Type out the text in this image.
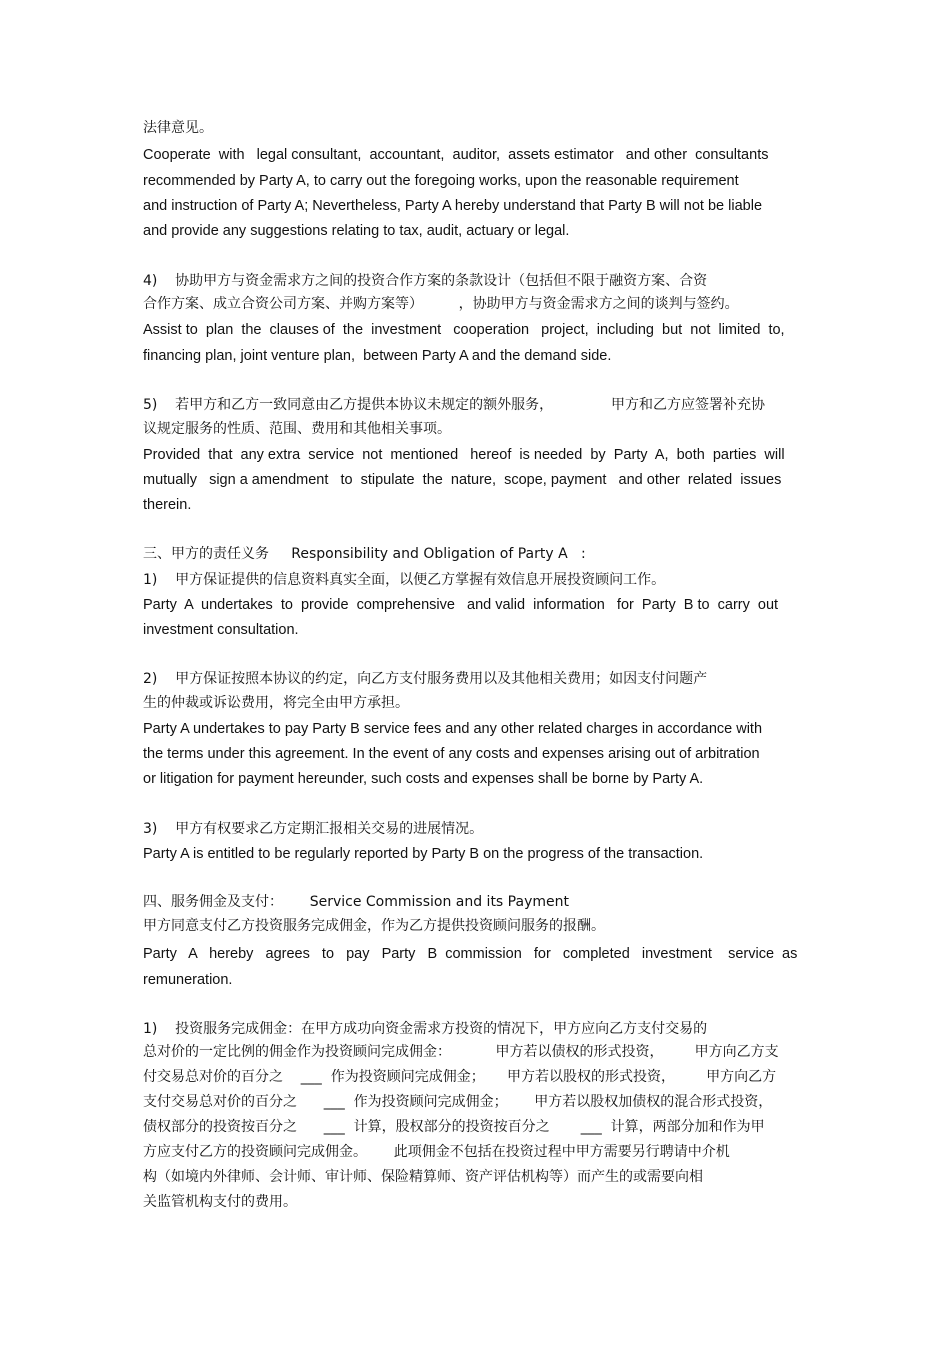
法律意见。

Cooperate  with   legal consultant,  accountant,  auditor,  assets estimator   and other  consultants

recommended by Party A, to carry out the foregoing works, upon the reasonable requirement

and instruction of Party A; Nevertheless, Party A hereby understand that Party B will not be liable

and provide any suggestions relating to tax, audit, actuary or legal.

4)    协助甲方与资金需求方之间的投资合作方案的条款设计（包括但不限于融资方案、合资

合作方案、成立合资公司方案、并购方案等）        ，协助甲方与资金需求方之间的谈判与签约。

Assist to  plan  the  clauses of  the  investment   cooperation   project,  including  but  not  limited  to,

financing plan, joint venture plan,  between Party A and the demand side.

5)    若甲方和乙方一致同意由乙方提供本协议未规定的额外服务，             甲方和乙方应签署补充协

议规定服务的性质、范围、费用和其他相关事项。

Provided  that  any extra  service  not  mentioned   hereof  is needed  by  Party  A,  both  parties  will

mutually   sign a amendment   to  stipulate  the  nature,  scope, payment   and other  related  issues

therein.

三、甲方的责任义务     Responsibility and Obligation of Party A   :

1)    甲方保证提供的信息资料真实全面，以便乙方掌握有效信息开展投资顾问工作。

Party  A  undertakes  to  provide  comprehensive   and valid  information   for  Party  B to  carry  out

investment consultation.

2)    甲方保证按照本协议的约定，向乙方支付服务费用以及其他相关费用；如因支付问题产

生的仲裁或诉讼费用，将完全由甲方承担。

Party A undertakes to pay Party B service fees and any other related charges in accordance with

the terms under this agreement. In the event of any costs and expenses arising out of arbitration

or litigation for payment hereunder, such costs and expenses shall be borne by Party A.

3)    甲方有权要求乙方定期汇报相关交易的进展情况。

Party A is entitled to be regularly reported by Party B on the progress of the transaction.

四、服务佣金及支付：      Service Commission and its Payment

甲方同意支付乙方投资服务完成佣金，作为乙方提供投资顾问服务的报酬。

Party   A   hereby   agrees   to   pay   Party   B  commission   for   completed   investment    service  as

remuneration.

1)    投资服务完成佣金：在甲方成功向资金需求方投资的情况下，甲方应向乙方支付交易的

总对价的一定比例的佣金作为投资顾问完成佣金：          甲方若以债权的形式投资，       甲方向乙方支

付交易总对价的百分之    ___  作为投资顾问完成佣金；     甲方若以股权的形式投资，       甲方向乙方

支付交易总对价的百分之      ___  作为投资顾问完成佣金；      甲方若以股权加债权的混合形式投资，

债权部分的投资按百分之      ___  计算，股权部分的投资按百分之       ___  计算，两部分加和作为甲

方应支付乙方的投资顾问完成佣金。      此项佣金不包括在投资过程中甲方需要另行聘请中介机

构（如境内外律师、会计师、审计师、保险精算师、资产评估机构等）而产生的或需要向相

关监管机构支付的费用。
